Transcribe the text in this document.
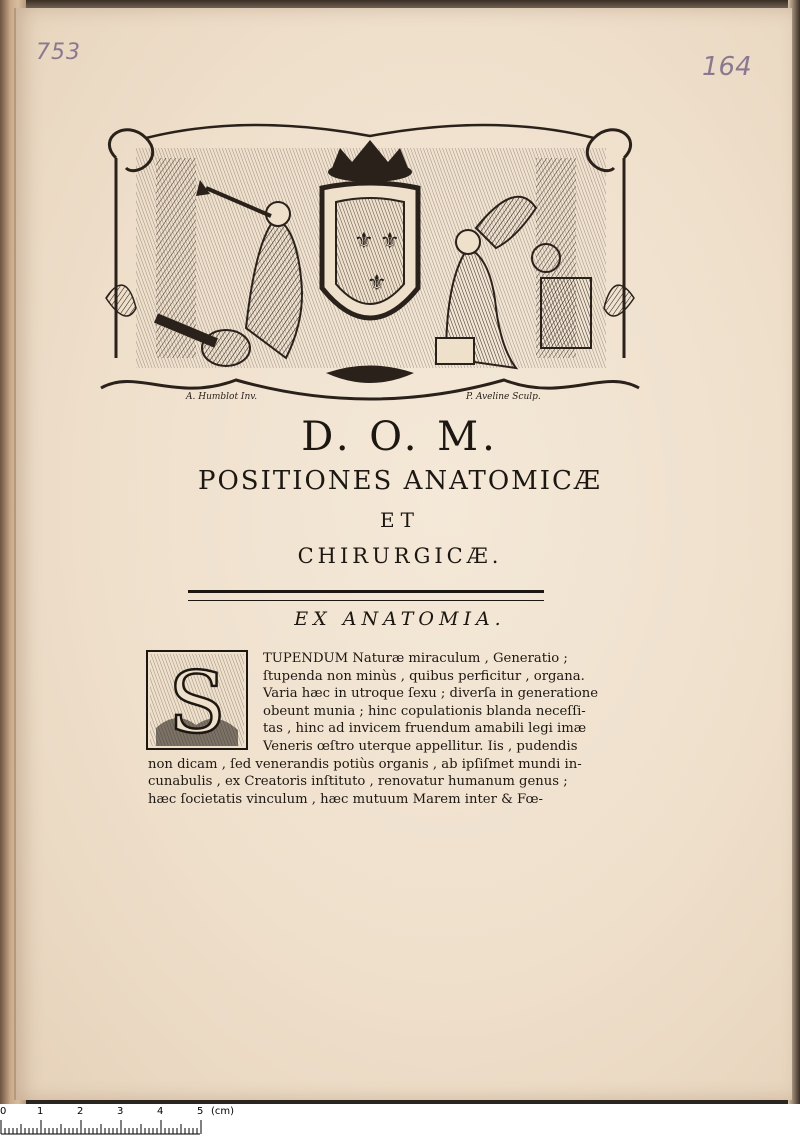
753	164
⚜ ⚜
⚜
A. Humblot Inv.	P. Aveline Sculp.
D. O. M.
POSITIONES ANATOMICÆ
ET
CHIRURGICÆ.
EX ANATOMIA.
S	TUPENDUM Naturæ miraculum , Generatio ;
ſtupenda non minùs , quibus perficitur , organa.
Varia hæc in utroque ſexu ; diverſa in generatione
obeunt munia ; hinc copulationis blanda neceſſi-
tas , hinc ad invicem fruendum amabili legi imæ
Veneris œſtro uterque appellitur. Iis , pudendis
non dicam , ſed venerandis potiùs organis , ab ipſiſmet mundi in-
cunabulis , ex Creatoris inſtituto , renovatur humanum genus ;
hæc ſocietatis vinculum , hæc mutuum Marem inter & Fœ-
0	1	2	3	4	5 (cm)
